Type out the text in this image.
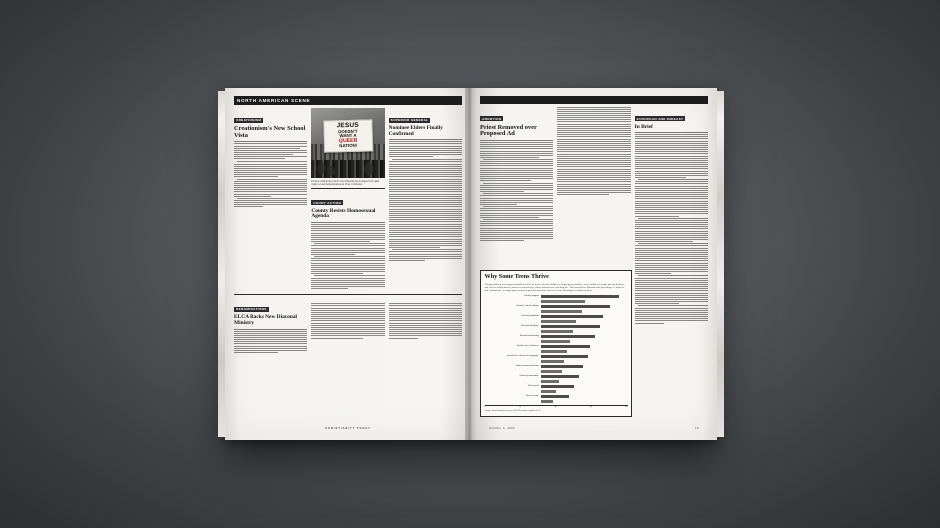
NORTH AMERICAN SCENE
CREATIONISM
Creationism's New School Vista
JESUS
DOESN'T
WANT A
QUEER
NATION!
Protests outside the school board meeting have ranged from quiet vigils to loud demonstrations in Vista, California.
COURT ACTION
County Resists Homosexual Agenda
SUPERIOR GENERAL
Nominee Elders Finally Confirmed
DENOMINATIONS
ELCA Backs New Diaconal Ministry
CHRISTIANITY TODAY
ABORTION
Priest Removed over Proposed Ad
EUROPEAN AND MIDEAST
In Brief
Why Some Teens Thrive
Though children in two-parent families tend to be better off than children in single-parent families, some children in single parents do thrive and excel at risk behavior, such as sexual activity, school absenteeism, and drug use. This chart below illustrates the percentage of "thrivers" and "nonthrivers" in single-parent and two-parent households who have some advantages available to them.
Family support
Positive school climate
Parental standards
Parental discipline
Parental monitoring
Positive peer influence
Involved in church or synagogue
Achievement motivation
School performance
Homework
Time at home
0	20	40	60	80
Source: Search Institute survey of 46,799 youths in grades 6–12
October 4, 1993	19
